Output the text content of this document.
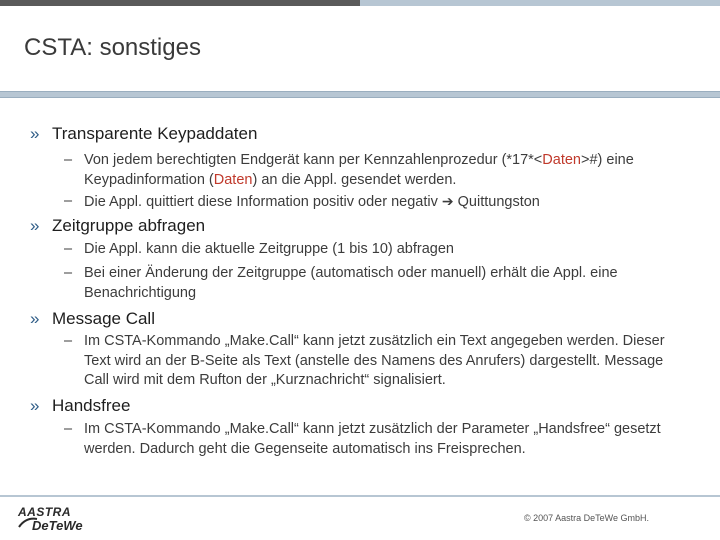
CSTA: sonstiges
» Transparente Keypaddaten
– Von jedem berechtigten Endgerät kann per Kennzahlenprozedur (*17*<Daten>#) eine Keypadinformation (Daten) an die Appl. gesendet werden.
– Die Appl. quittiert diese Information positiv oder negativ ➔ Quittungston
» Zeitgruppe abfragen
– Die Appl. kann die aktuelle Zeitgruppe (1 bis 10) abfragen
– Bei einer Änderung der Zeitgruppe (automatisch oder manuell) erhält die Appl. eine Benachrichtigung
» Message Call
– Im CSTA-Kommando „Make.Call“ kann jetzt zusätzlich ein Text angegeben werden. Dieser Text wird an der B-Seite als Text (anstelle des Namens des Anrufers) dargestellt. Message Call wird mit dem Rufton der „Kurznachricht“ signalisiert.
» Handsfree
– Im CSTA-Kommando „Make.Call“ kann jetzt zusätzlich der Parameter „Handsfree“ gesetzt werden. Dadurch geht die Gegenseite automatisch ins Freisprechen.
AASTRA
DeTeWe	© 2007 Aastra DeTeWe GmbH.
